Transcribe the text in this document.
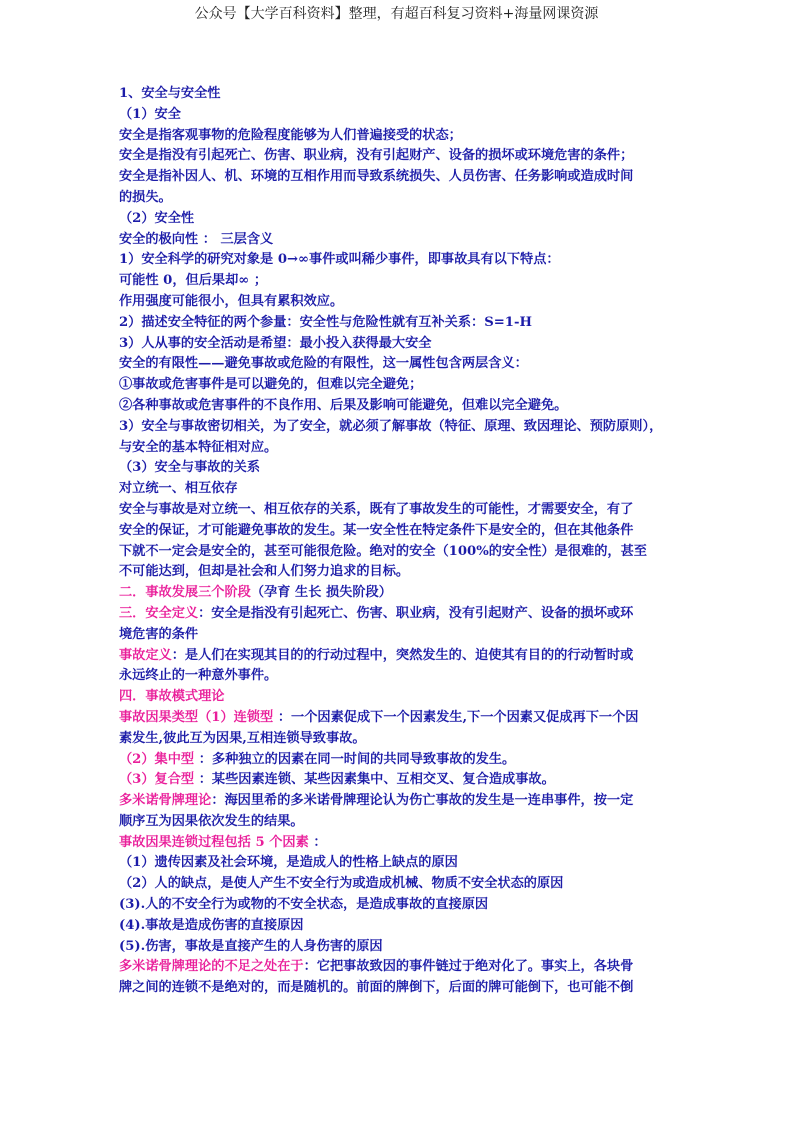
公众号【大学百科资料】整理，有超百科复习资料+海量网课资源
1、安全与安全性
（1）安全
安全是指客观事物的危险程度能够为人们普遍接受的状态；
安全是指没有引起死亡、伤害、职业病，没有引起财产、设备的损坏或环境危害的条件；
安全是指补因人、机、环境的互相作用而导致系统损失、人员伤害、任务影响或造成时间
的损失。
（2）安全性
安全的极向性 ： 三层含义
1）安全科学的研究对象是 0→∞事件或叫稀少事件，即事故具有以下特点：
可能性 0，但后果却∞ ；
作用强度可能很小，但具有累积效应。
2）描述安全特征的两个参量：安全性与危险性就有互补关系：S=1-H
3）人从事的安全活动是希望：最小投入获得最大安全
安全的有限性——避免事故或危险的有限性，这一属性包含两层含义：
①事故或危害事件是可以避免的，但难以完全避免；
②各种事故或危害事件的不良作用、后果及影响可能避免，但难以完全避免。
3）安全与事故密切相关，为了安全，就必须了解事故（特征、原理、致因理论、预防原则），
与安全的基本特征相对应。
（3）安全与事故的关系
对立统一、相互依存
安全与事故是对立统一、相互依存的关系，既有了事故发生的可能性，才需要安全，有了
安全的保证，才可能避免事故的发生。某一安全性在特定条件下是安全的，但在其他条件
下就不一定会是安全的，甚至可能很危险。绝对的安全（100%的安全性）是很难的，甚至
不可能达到，但却是社会和人们努力追求的目标。
二．事故发展三个阶段（孕育 生长 损失阶段）
三．安全定义：安全是指没有引起死亡、伤害、职业病，没有引起财产、设备的损坏或环
境危害的条件
事故定义：是人们在实现其目的的行动过程中，突然发生的、迫使其有目的的行动暂时或
永远终止的一种意外事件。
四．事故模式理论
事故因果类型（1）连锁型 ：一个因素促成下一个因素发生,下一个因素又促成再下一个因
素发生,彼此互为因果,互相连锁导致事故。
（2）集中型 ：多种独立的因素在同一时间的共同导致事故的发生。
（3）复合型 ：某些因素连锁、某些因素集中、互相交叉、复合造成事故。
多米诺骨牌理论：海因里希的多米诺骨牌理论认为伤亡事故的发生是一连串事件，按一定
顺序互为因果依次发生的结果。
事故因果连锁过程包括 5 个因素 ：
（1）遗传因素及社会环境，是造成人的性格上缺点的原因
（2）人的缺点，是使人产生不安全行为或造成机械、物质不安全状态的原因
(3).人的不安全行为或物的不安全状态，是造成事故的直接原因
(4).事故是造成伤害的直接原因
(5).伤害，事故是直接产生的人身伤害的原因
多米诺骨牌理论的不足之处在于：它把事故致因的事件链过于绝对化了。事实上，各块骨
牌之间的连锁不是绝对的，而是随机的。前面的牌倒下，后面的牌可能倒下，也可能不倒
